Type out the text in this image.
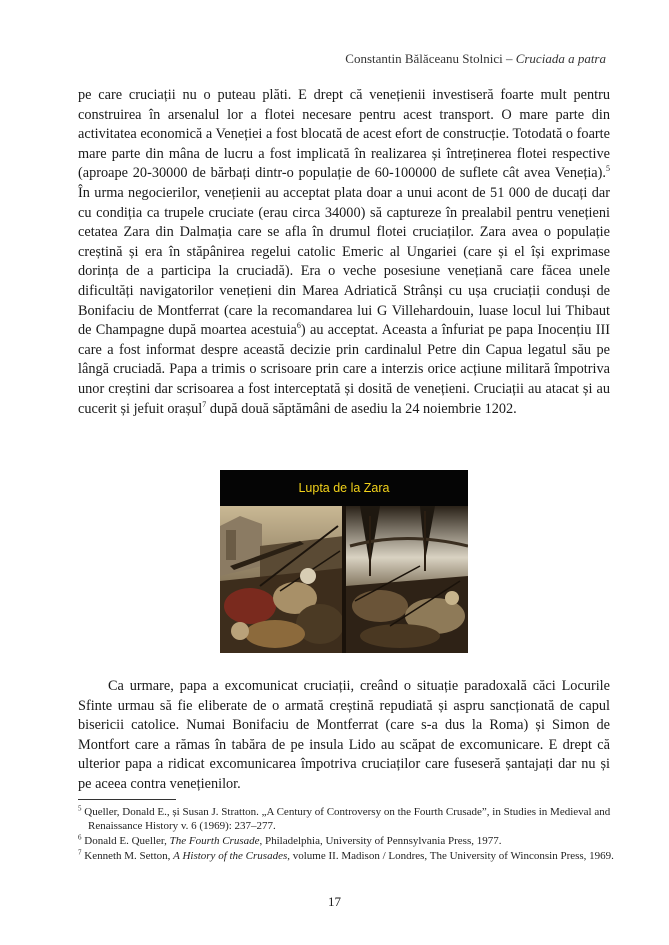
Constantin Bălăceanu Stolnici – Cruciada a patra
pe care cruciații nu o puteau plăti. E drept că venețienii investiseră foarte mult pentru construirea în arsenalul lor a flotei necesare pentru acest transport. O mare parte din activitatea economică a Veneției a fost blocată de acest efort de construcție. Totodată o foarte mare parte din mâna de lucru a fost implicată în realizarea și întreținerea flotei respective (aproape 20-30000 de bărbați dintr-o populație de 60-100000 de suflete cât avea Veneția).$^5$ În urma negocierilor, venețienii au acceptat plata doar a unui acont de 51 000 de ducați dar cu condiția ca trupele cruciate (erau circa 34000) să captureze în prealabil pentru venețieni cetatea Zara din Dalmația care se afla în drumul flotei cruciaților. Zara avea o populație creștină și era în stăpânirea regelui catolic Emeric al Ungariei (care și el își exprimase dorința de a participa la cruciadă). Era o veche posesiune venețiană care făcea unele dificultăți navigatorilor venețieni din Marea Adriatică Strânși cu ușa cruciații conduși de Bonifaciu de Montferrat (care la recomandarea lui G Villehardouin, luase locul lui Thibaut de Champagne după moartea acestuia$^6$) au acceptat. Aceasta a înfuriat pe papa Inocențiu III care a fost informat despre această decizie prin cardinalul Petre din Capua legatul său pe lângă cruciadă. Papa a trimis o scrisoare prin care a interzis orice acțiune militară împotriva unor creștini dar scrisoarea a fost interceptată și dosită de venețieni. Cruciații au atacat și au cucerit și jefuit orașul$^7$ după două săptămâni de asediu la 24 noiembrie 1202.
Lupta de la Zara
Ca urmare, papa a excomunicat cruciații, creând o situație paradoxală căci Locurile Sfinte urmau să fie eliberate de o armată creștină repudiată și aspru sancționată de capul bisericii catolice. Numai Bonifaciu de Montferrat (care s-a dus la Roma) și Simon de Montfort care a rămas în tabăra de pe insula Lido au scăpat de excomunicare. E drept că ulterior papa a ridicat excomunicarea împotriva cruciaților care fuseseră șantajați dar nu și pe aceea contra venețienilor.
$^5$ Queller, Donald E., și Susan J. Stratton. „A Century of Controversy on the Fourth Crusade”, in Studies in Medieval and Renaissance History v. 6 (1969): 237–277.
$^6$ Donald E. Queller, The Fourth Crusade, Philadelphia, University of Pennsylvania Press, 1977.
$^7$ Kenneth M. Setton, A History of the Crusades, volume II. Madison / Londres, The University of Winconsin Press, 1969.
17
